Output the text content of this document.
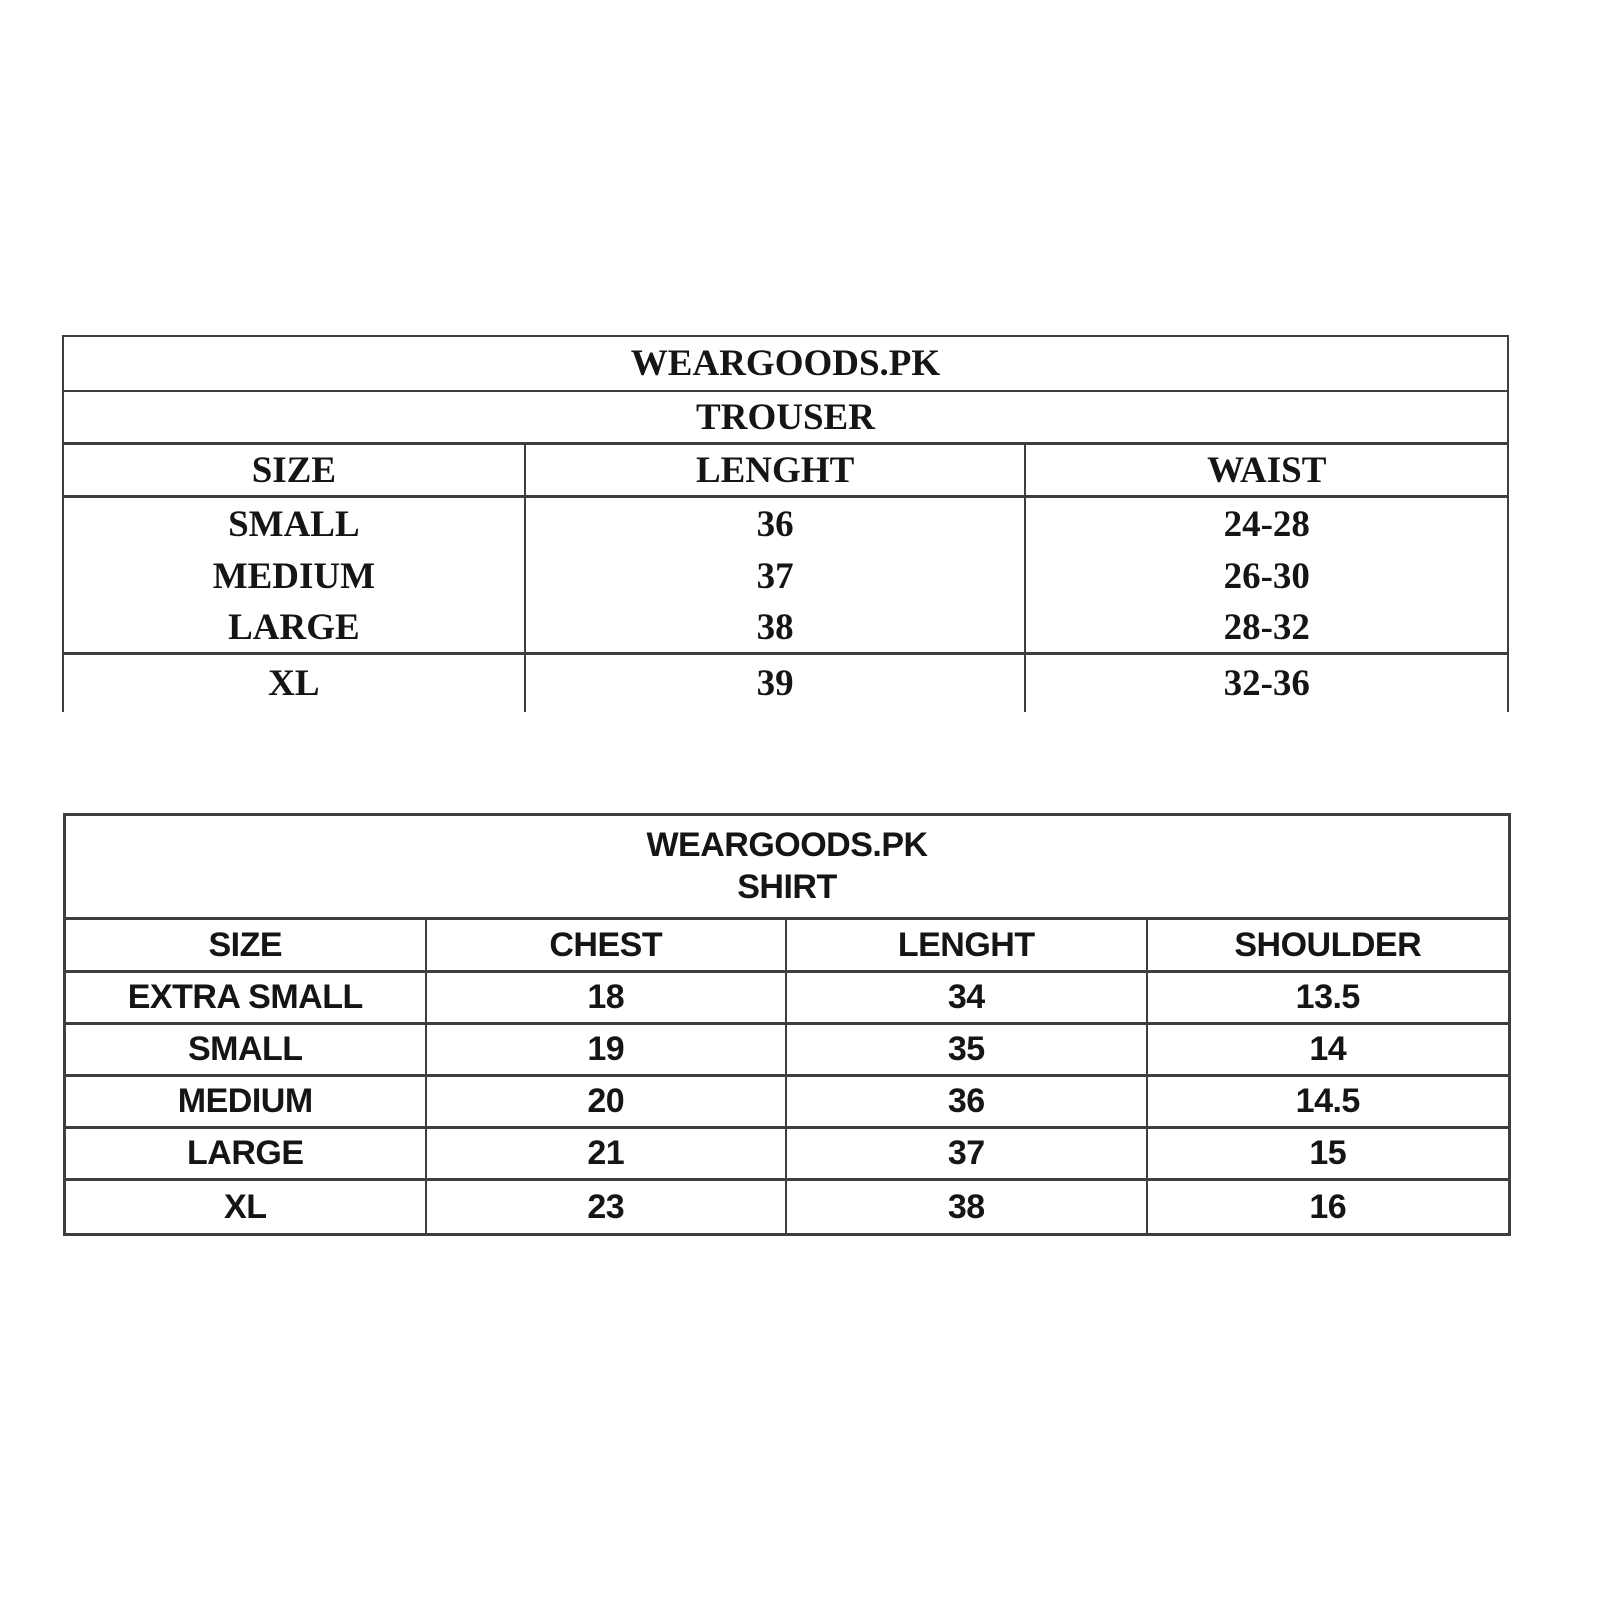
WEARGOODS.PK
TROUSER
SIZE	LENGHT	WAIST
SMALL	36	24-28
MEDIUM	37	26-30
LARGE	38	28-32
XL	39	32-36
WEARGOODS.PK
SHIRT
SIZE	CHEST	LENGHT	SHOULDER
EXTRA SMALL	18	34	13.5
SMALL	19	35	14
MEDIUM	20	36	14.5
LARGE	21	37	15
XL	23	38	16
